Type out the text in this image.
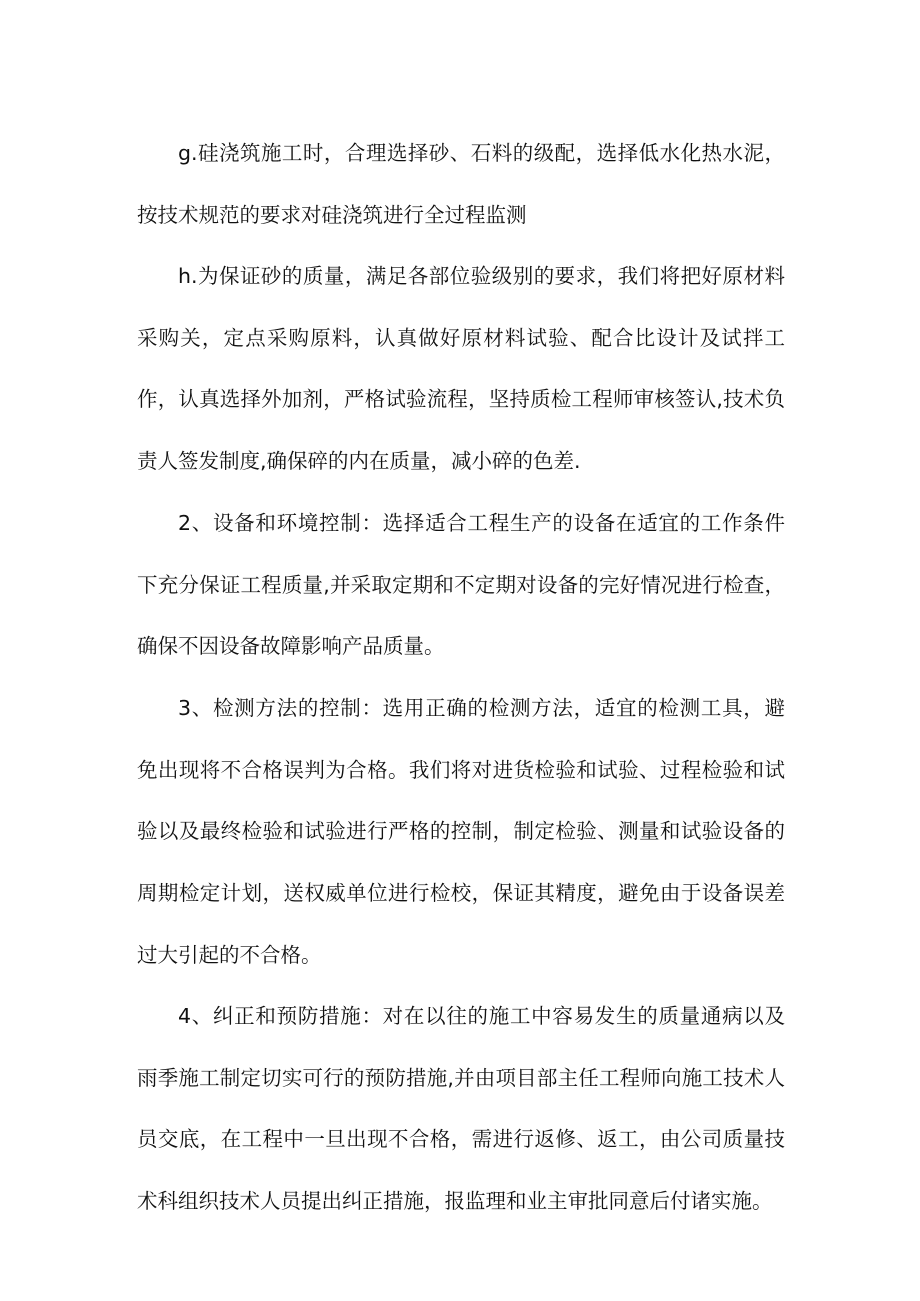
g.硅浇筑施工时，合理选择砂、石料的级配，选择低水化热水泥，按技术规范的要求对硅浇筑进行全过程监测

h.为保证砂的质量，满足各部位验级别的要求，我们将把好原材料采购关，定点采购原料，认真做好原材料试验、配合比设计及试拌工作，认真选择外加剂，严格试验流程，坚持质检工程师审核签认,技术负责人签发制度,确保碎的内在质量，减小碎的色差.

2、设备和环境控制：选择适合工程生产的设备在适宜的工作条件下充分保证工程质量,并采取定期和不定期对设备的完好情况进行检查，确保不因设备故障影响产品质量。

3、检测方法的控制：选用正确的检测方法，适宜的检测工具，避免出现将不合格误判为合格。我们将对进货检验和试验、过程检验和试验以及最终检验和试验进行严格的控制，制定检验、测量和试验设备的周期检定计划，送权威单位进行检校，保证其精度，避免由于设备误差过大引起的不合格。

4、纠正和预防措施：对在以往的施工中容易发生的质量通病以及雨季施工制定切实可行的预防措施,并由项目部主任工程师向施工技术人员交底，在工程中一旦出现不合格，需进行返修、返工，由公司质量技术科组织技术人员提出纠正措施，报监理和业主审批同意后付诸实施。
